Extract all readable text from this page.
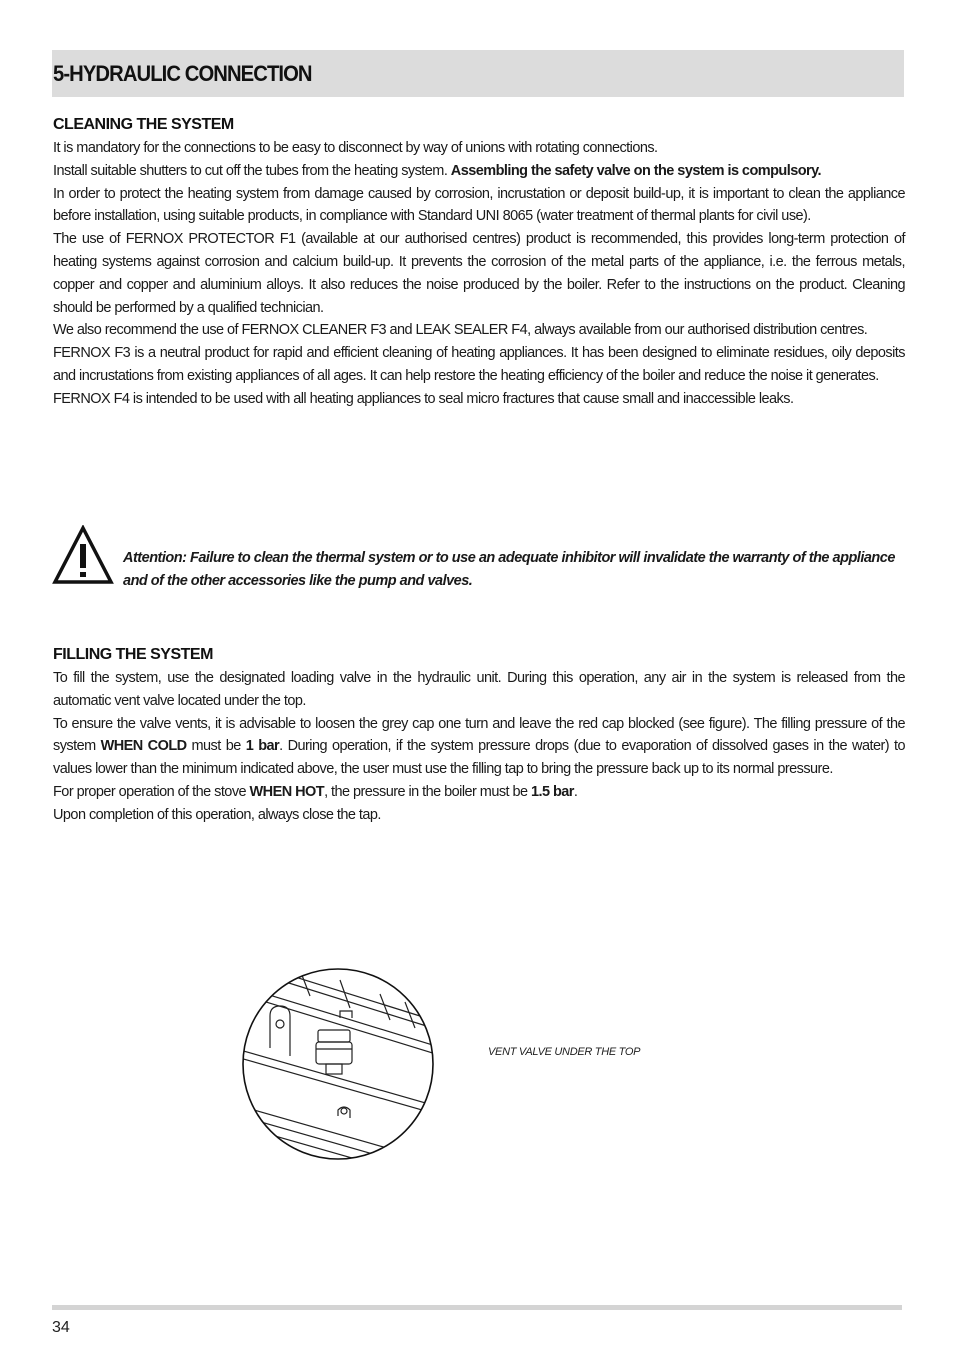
5-HYDRAULIC CONNECTION
CLEANING THE SYSTEM

It is mandatory for the connections to be easy to disconnect by way of unions with rotating connections.

Install suitable shutters to cut off the tubes from the heating system. Assembling the safety valve on the system is compulsory.

In order to protect the heating system from damage caused by corrosion, incrustation or deposit build-up, it is important to clean the appliance before installation, using suitable products, in compliance with Standard UNI 8065 (water treatment of thermal plants for civil use).

The use of FERNOX PROTECTOR F1 (available at our authorised centres) product is recommended, this provides long-term protection of heating systems against corrosion and calcium build-up. It prevents the corrosion of the metal parts of the appliance, i.e. the ferrous metals, copper and copper and aluminium alloys. It also reduces the noise produced by the boiler. Refer to the instructions on the product. Cleaning should be performed by a qualified technician.

We also recommend the use of FERNOX CLEANER F3 and LEAK SEALER F4, always available from our authorised distribution centres.

FERNOX F3 is a neutral product for rapid and efficient cleaning of heating appliances. It has been designed to eliminate residues, oily deposits and incrustations from existing appliances of all ages. It can help restore the heating efficiency of the boiler and reduce the noise it generates.

FERNOX F4 is intended to be used with all heating appliances to seal micro fractures that cause small and inaccessible leaks.

Attention: Failure to clean the thermal system or to use an adequate inhibitor will invalidate the warranty of the appliance and of the other accessories like the pump and valves.

FILLING THE SYSTEM

To fill the system, use the designated loading valve in the hydraulic unit. During this operation, any air in the system is released from the automatic vent valve located under the top.

To ensure the valve vents, it is advisable to loosen the grey cap one turn and leave the red cap blocked (see figure). The filling pressure of the system WHEN COLD must be 1 bar. During operation, if the system pressure drops (due to evaporation of dissolved gases in the water) to values lower than the minimum indicated above, the user must use the filling tap to bring the pressure back up to its normal pressure.

For proper operation of the stove WHEN HOT, the pressure in the boiler must be 1.5 bar.

Upon completion of this operation, always close the tap.

VENT VALVE UNDER THE TOP
34
